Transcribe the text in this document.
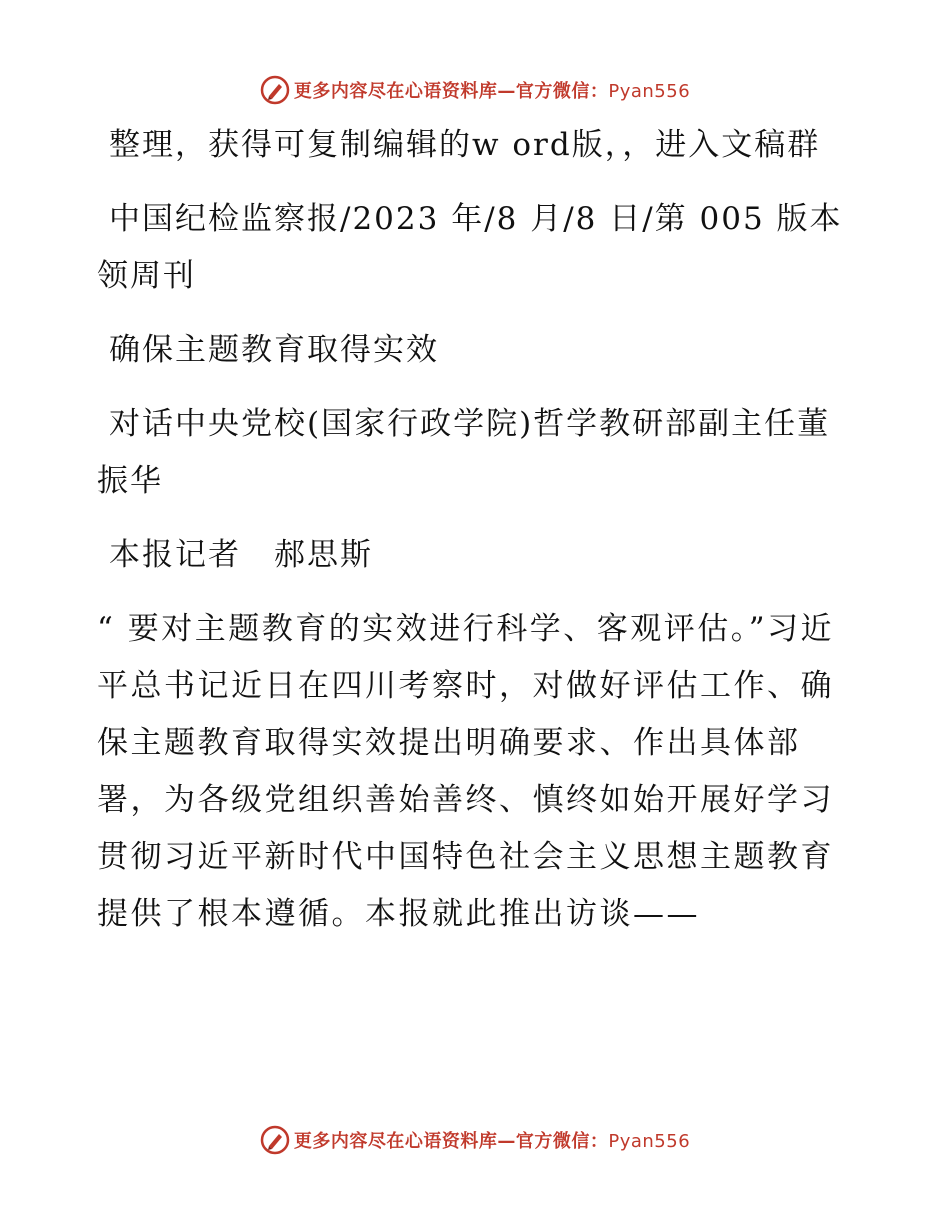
更多内容尽在心语资料库—官方微信：Pyan556

整理，获得可复制编辑的w ord版，，进入文稿群

中国纪检监察报/2023 年/8 月/8 日/第 005 版本领周刊

确保主题教育取得实效

对话中央党校(国家行政学院)哲学教研部副主任董振华

本报记者　郝思斯

“ 要对主题教育的实效进行科学、客观评估。”习近平总书记近日在四川考察时，对做好评估工作、确保主题教育取得实效提出明确要求、作出具体部署，为各级党组织善始善终、慎终如始开展好学习贯彻习近平新时代中国特色社会主义思想主题教育提供了根本遵循。本报就此推出访谈——

更多内容尽在心语资料库—官方微信：Pyan556
